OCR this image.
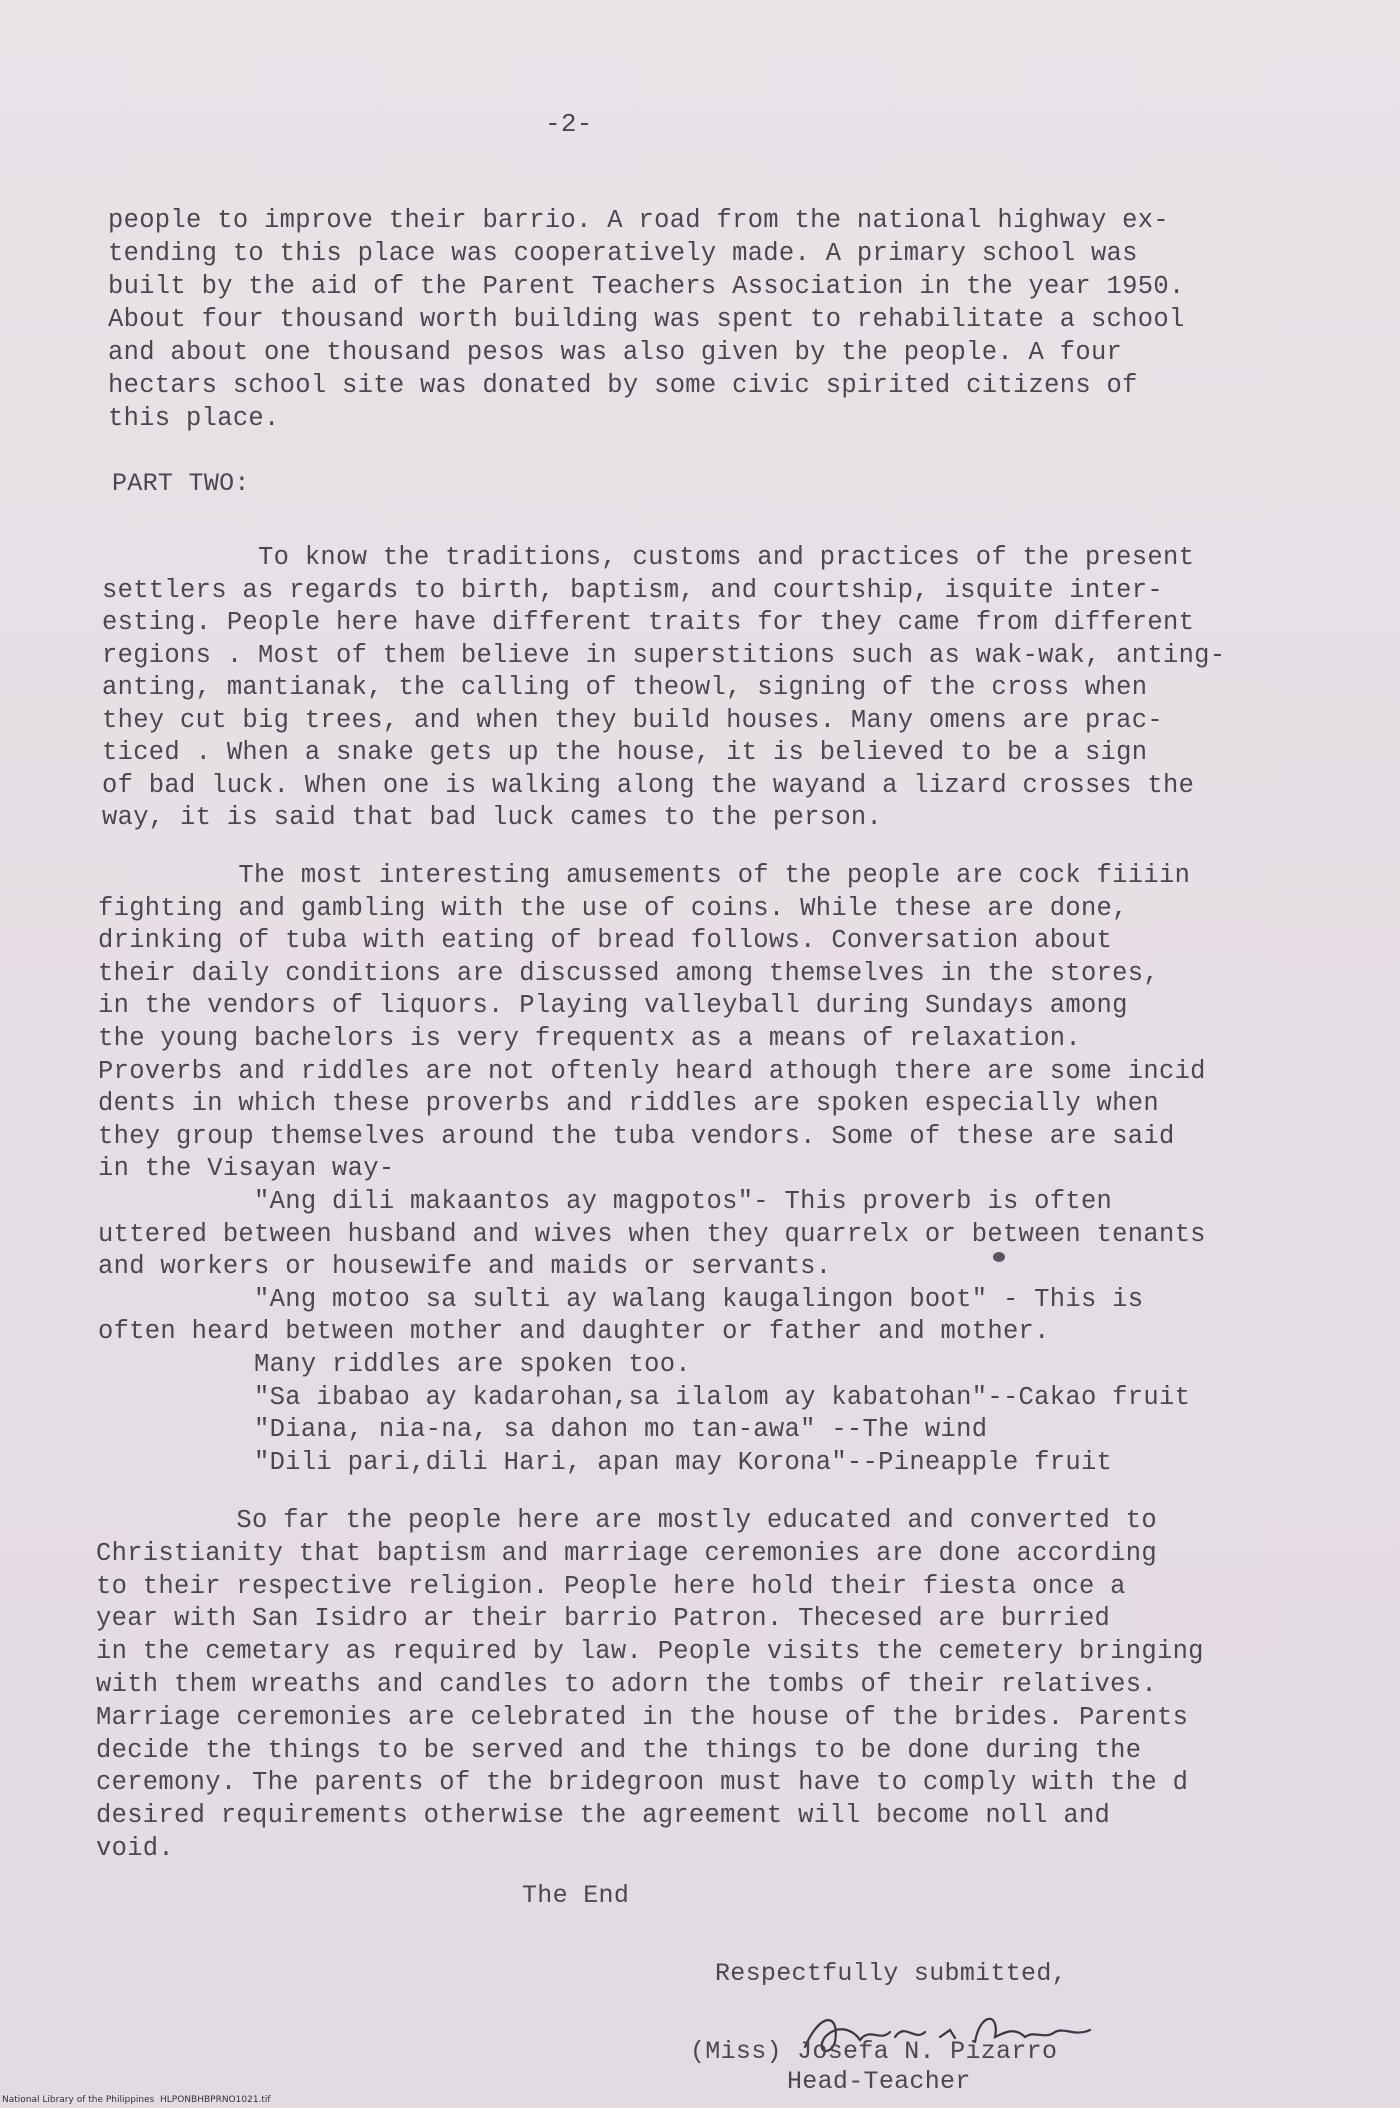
-2-
people to improve their barrio. A road from the national highway ex-
tending to this place was cooperatively made. A primary school was
built by the aid of the Parent Teachers Association in the year 1950.
About four thousand worth building was spent to rehabilitate a school
and about one thousand pesos was also given by the people. A four
hectars school site was donated by some civic spirited citizens of
this place.
PART TWO:
To know the traditions, customs and practices of the present
settlers as regards to birth, baptism, and courtship, isquite inter-
esting. People here have different traits for they came from different
regions . Most of them believe in superstitions such as wak-wak, anting-
anting, mantianak, the calling of theowl, signing of the cross when
they cut big trees, and when they build houses. Many omens are prac-
ticed . When a snake gets up the house, it is believed to be a sign
of bad luck. When one is walking along the wayand a lizard crosses the
way, it is said that bad luck cames to the person.
The most interesting amusements of the people are cock fiiiin
fighting and gambling with the use of coins. While these are done,
drinking of tuba with eating of bread follows. Conversation about
their daily conditions are discussed among themselves in the stores,
in the vendors of liquors. Playing valleyball during Sundays among
the young bachelors is very frequentx as a means of relaxation.
Proverbs and riddles are not oftenly heard athough there are some incid
dents in which these proverbs and riddles are spoken especially when
they group themselves around the tuba vendors. Some of these are said
in the Visayan way-
"Ang dili makaantos ay magpotos"- This proverb is often
uttered between husband and wives when they quarrelx or between tenants
and workers or housewife and maids or servants.
"Ang motoo sa sulti ay walang kaugalingon boot" - This is
often heard between mother and daughter or father and mother.
Many riddles are spoken too.
"Sa ibabao ay kadarohan,sa ilalom ay kabatohan"--Cakao fruit
"Diana, nia-na, sa dahon mo tan-awa" --The wind
"Dili pari,dili Hari, apan may Korona"--Pineapple fruit
So far the people here are mostly educated and converted to
Christianity that baptism and marriage ceremonies are done according
to their respective religion. People here hold their fiesta once a
year with San Isidro ar their barrio Patron. Thecesed are burried
in the cemetary as required by law. People visits the cemetery bringing
with them wreaths and candles to adorn the tombs of their relatives.
Marriage ceremonies are celebrated in the house of the brides. Parents
decide the things to be served and the things to be done during the
ceremony. The parents of the bridegroon must have to comply with the d
desired requirements otherwise the agreement will become noll and
void.
The End
Respectfully submitted,
(Miss) Josefa N. Pizarro
Head-Teacher
National Library of the Philippines HLPONBHBPRNO1021.tif
